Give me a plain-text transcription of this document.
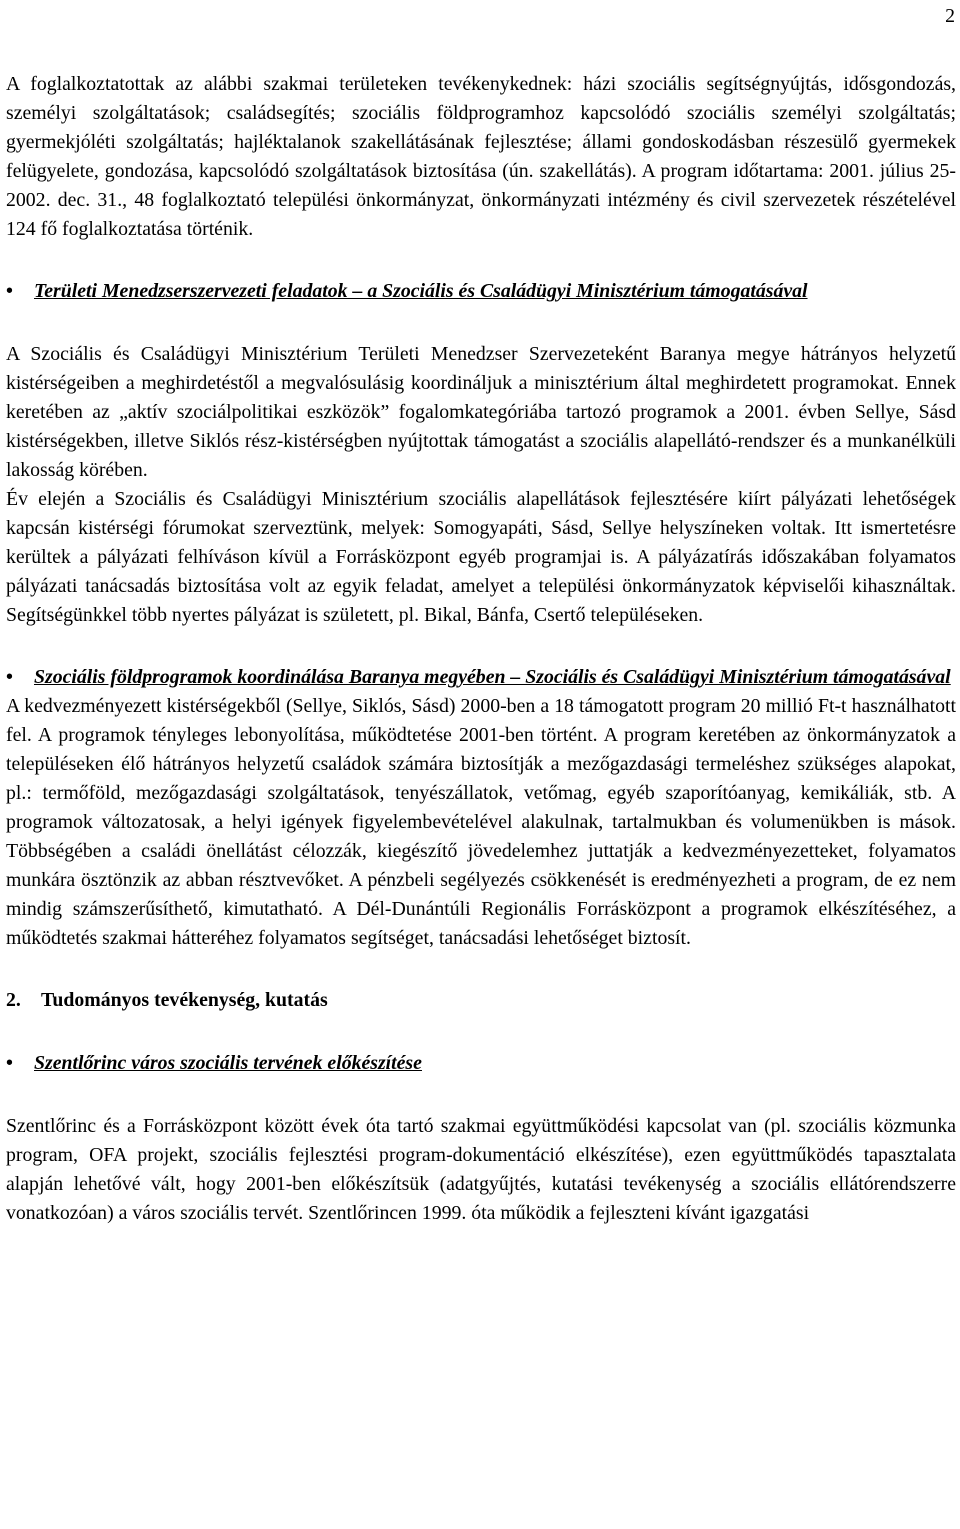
2

A foglalkoztatottak az alábbi szakmai területeken tevékenykednek: házi szociális segítségnyújtás, idősgondozás, személyi szolgáltatások; családsegítés; szociális földprogramhoz kapcsolódó szociális személyi szolgáltatás; gyermekjóléti szolgáltatás; hajléktalanok szakellátásának fejlesztése; állami gondoskodásban részesülő gyermekek felügyelete, gondozása, kapcsolódó szolgáltatások biztosítása (ún. szakellátás). A program időtartama: 2001. július 25- 2002. dec. 31., 48 foglalkoztató települési önkormányzat, önkormányzati intézmény és civil szervezetek részételével 124 fő foglalkoztatása történik.

• Területi Menedzserszervezeti feladatok – a Szociális és Családügyi Minisztérium támogatásával

A Szociális és Családügyi Minisztérium Területi Menedzser Szervezeteként Baranya megye hátrányos helyzetű kistérségeiben a meghirdetéstől a megvalósulásig koordináljuk a minisztérium által meghirdetett programokat. Ennek keretében az „aktív szociálpolitikai eszközök” fogalomkategóriába tartozó programok a 2001. évben Sellye, Sásd kistérségekben, illetve Siklós rész-kistérségben nyújtottak támogatást a szociális alapellátó-rendszer és a munkanélküli lakosság körében.

Év elején a Szociális és Családügyi Minisztérium szociális alapellátások fejlesztésére kiírt pályázati lehetőségek kapcsán kistérségi fórumokat szerveztünk, melyek: Somogyapáti, Sásd, Sellye helyszíneken voltak. Itt ismertetésre kerültek a pályázati felhíváson kívül a Forrásközpont egyéb programjai is. A pályázatírás időszakában folyamatos pályázati tanácsadás biztosítása volt az egyik feladat, amelyet a települési önkormányzatok képviselői kihasználtak. Segítségünkkel több nyertes pályázat is született, pl. Bikal, Bánfa, Csertő településeken.

• Szociális földprogramok koordinálása Baranya megyében – Szociális és Családügyi Minisztérium támogatásával

A kedvezményezett kistérségekből (Sellye, Siklós, Sásd) 2000-ben a 18 támogatott program 20 millió Ft-t használhatott fel. A programok tényleges lebonyolítása, működtetése 2001-ben történt. A program keretében az önkormányzatok a településeken élő hátrányos helyzetű családok számára biztosítják a mezőgazdasági termeléshez szükséges alapokat, pl.: termőföld, mezőgazdasági szolgáltatások, tenyészállatok, vetőmag, egyéb szaporítóanyag, kemikáliák, stb. A programok változatosak, a helyi igények figyelembevételével alakulnak, tartalmukban és volumenükben is mások. Többségében a családi önellátást célozzák, kiegészítő jövedelemhez juttatják a kedvezményezetteket, folyamatos munkára ösztönzik az abban résztvevőket. A pénzbeli segélyezés csökkenését is eredményezheti a program, de ez nem mindig számszerűsíthető, kimutatható. A Dél-Dunántúli Regionális Forrásközpont a programok elkészítéséhez, a működtetés szakmai hátteréhez folyamatos segítséget, tanácsadási lehetőséget biztosít.

2. Tudományos tevékenység, kutatás

• Szentlőrinc város szociális tervének előkészítése

Szentlőrinc és a Forrásközpont között évek óta tartó szakmai együttműködési kapcsolat van (pl. szociális közmunka program, OFA projekt, szociális fejlesztési program-dokumentáció elkészítése), ezen együttműködés tapasztalata alapján lehetővé vált, hogy 2001-ben előkészítsük (adatgyűjtés, kutatási tevékenység a szociális ellátórendszerre vonatkozóan) a város szociális tervét. Szentlőrincen 1999. óta működik a fejleszteni kívánt igazgatási
